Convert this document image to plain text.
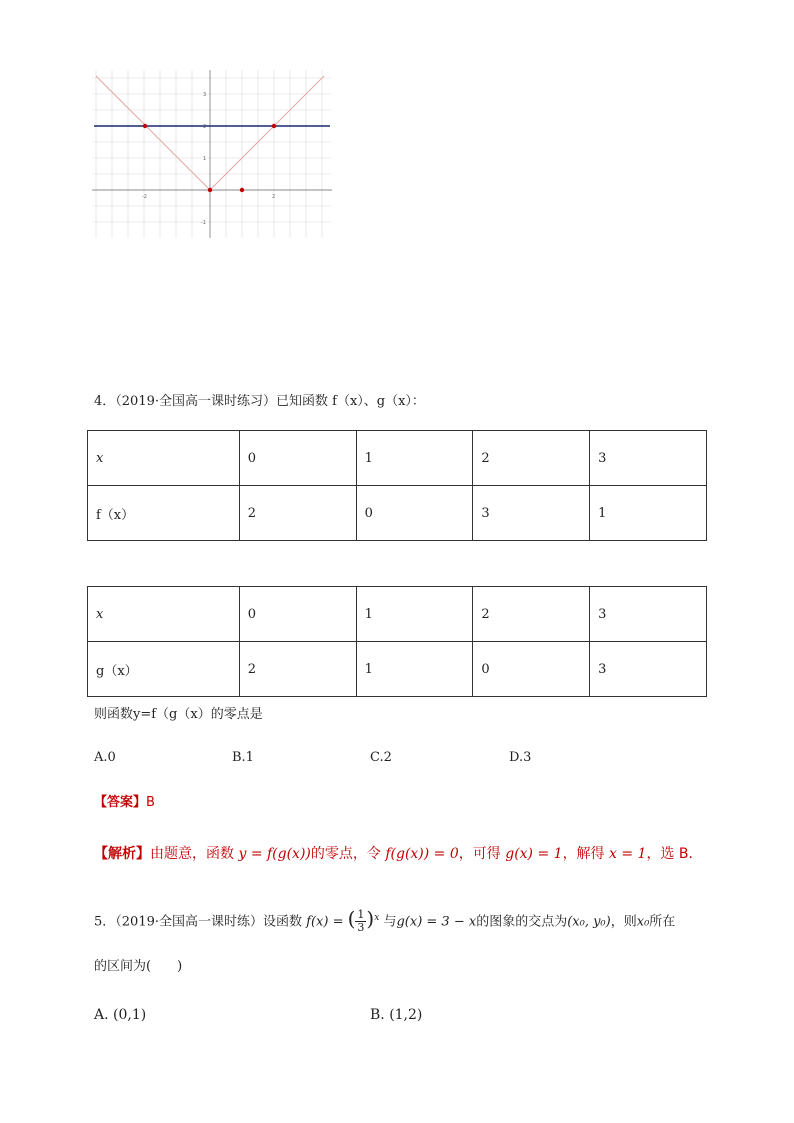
3
2
1
-1
-2	2
4．（2019·全国高一课时练习）已知函数 f（x）、g（x）：
x	0	1	2	3
f（x）	2	0	3	1
x	0	1	2	3
g（x）	2	1	0	3
则函数y=f（g（x）的零点是
A.0	B.1	C.2	D.3
【答案】B
【解析】由题意，函数 y = f(g(x))的零点，令 f(g(x)) = 0，可得 g(x) = 1，解得 x = 1，选 B．
5．（2019·全国高一课时练）设函数 f(x) = ( $\frac{1}{3} )^x$ 与g(x) = 3 − x的图象的交点为(x₀, y₀)，则x₀所在
的区间为(　　)
A. (0,1)	B. (1,2)
